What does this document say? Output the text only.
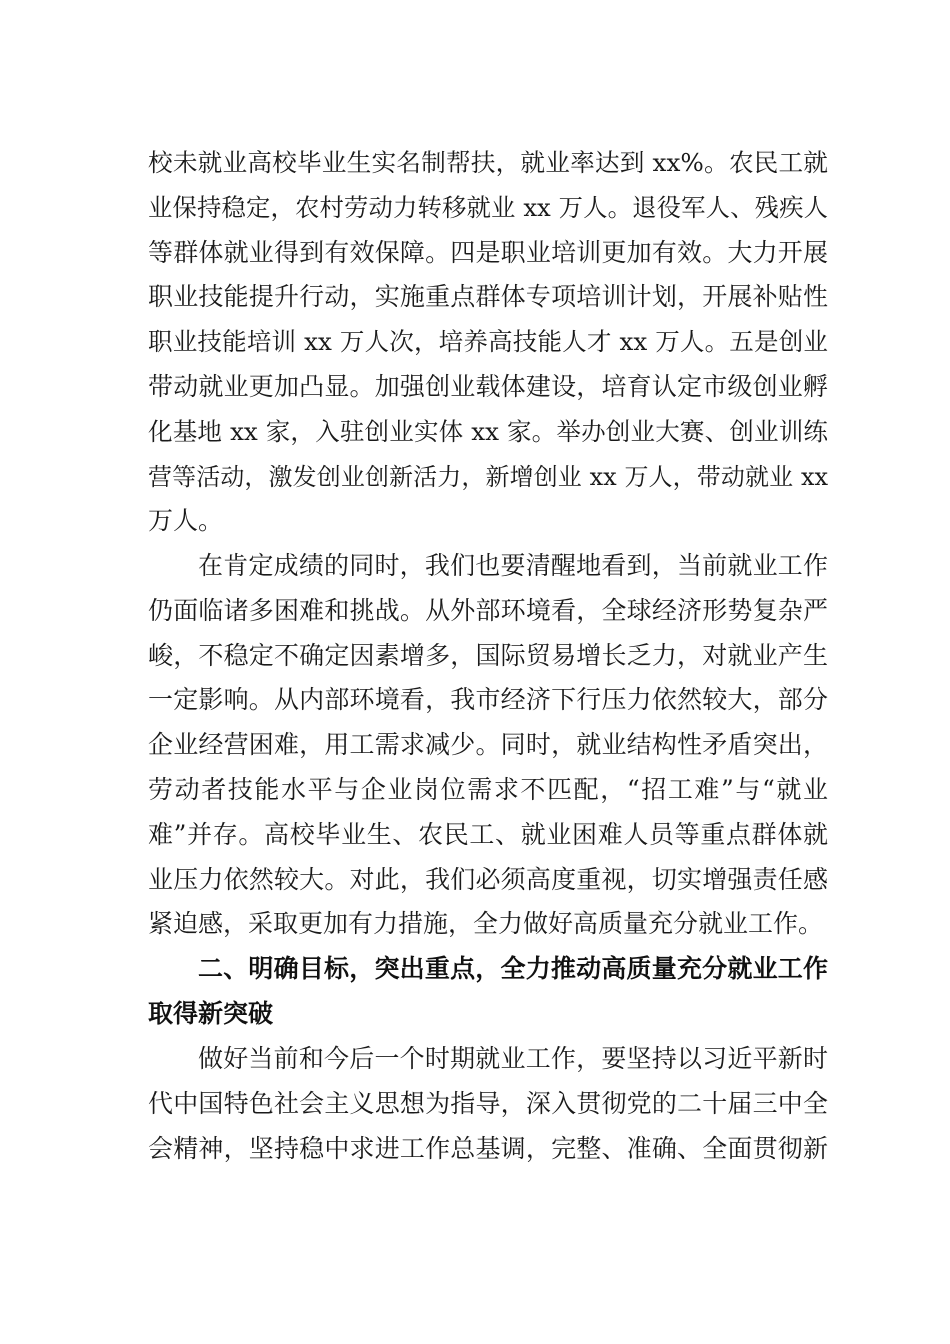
校未就业高校毕业生实名制帮扶，就业率达到 xx%。农民工就
业保持稳定，农村劳动力转移就业 xx 万人。退役军人、残疾人
等群体就业得到有效保障。四是职业培训更加有效。大力开展
职业技能提升行动，实施重点群体专项培训计划，开展补贴性
职业技能培训 xx 万人次，培养高技能人才 xx 万人。五是创业
带动就业更加凸显。加强创业载体建设，培育认定市级创业孵
化基地 xx 家，入驻创业实体 xx 家。举办创业大赛、创业训练
营等活动，激发创业创新活力，新增创业 xx 万人，带动就业 xx
万人。
在肯定成绩的同时，我们也要清醒地看到，当前就业工作
仍面临诸多困难和挑战。从外部环境看，全球经济形势复杂严
峻，不稳定不确定因素增多，国际贸易增长乏力，对就业产生
一定影响。从内部环境看，我市经济下行压力依然较大，部分
企业经营困难，用工需求减少。同时，就业结构性矛盾突出，
劳动者技能水平与企业岗位需求不匹配，“招工难”与“就业
难”并存。高校毕业生、农民工、就业困难人员等重点群体就
业压力依然较大。对此，我们必须高度重视，切实增强责任感
紧迫感，采取更加有力措施，全力做好高质量充分就业工作。
二、明确目标，突出重点，全力推动高质量充分就业工作
取得新突破
做好当前和今后一个时期就业工作，要坚持以习近平新时
代中国特色社会主义思想为指导，深入贯彻党的二十届三中全
会精神，坚持稳中求进工作总基调，完整、准确、全面贯彻新
